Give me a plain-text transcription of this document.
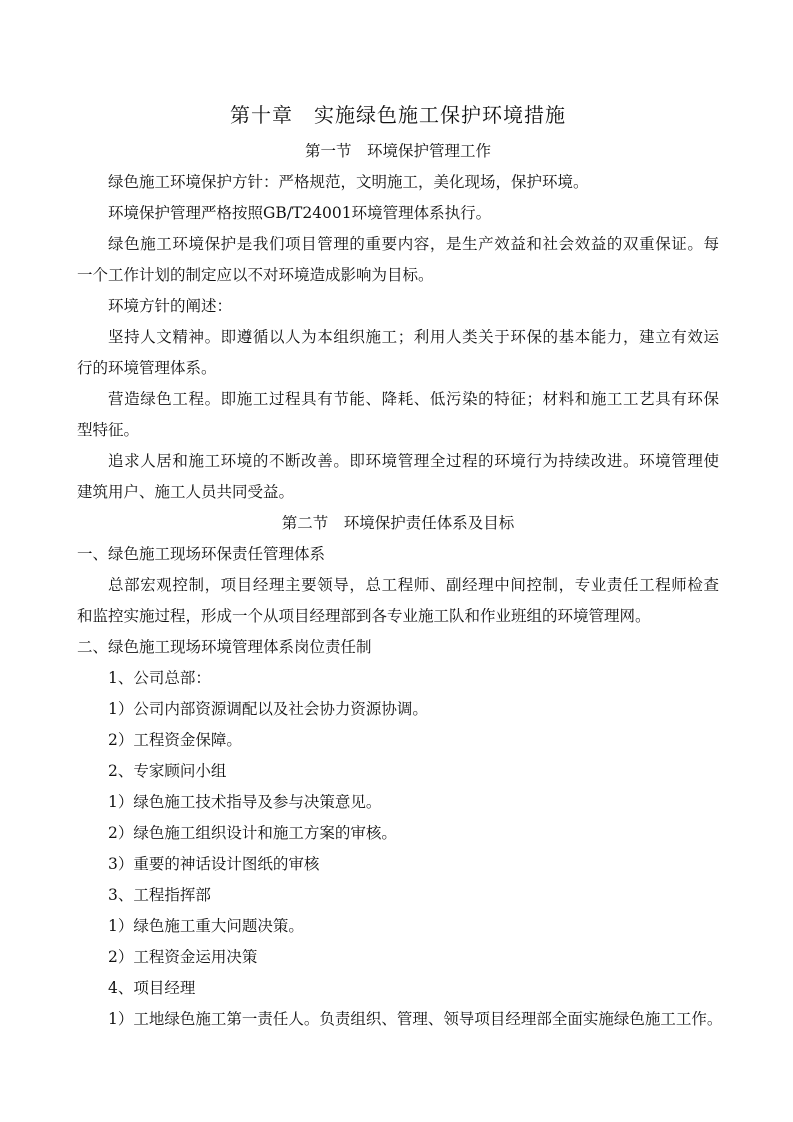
第十章　实施绿色施工保护环境措施
第一节　环境保护管理工作
绿色施工环境保护方针：严格规范，文明施工，美化现场，保护环境。
环境保护管理严格按照GB/T24001环境管理体系执行。
绿色施工环境保护是我们项目管理的重要内容，是生产效益和社会效益的双重保证。每
一个工作计划的制定应以不对环境造成影响为目标。
环境方针的阐述：
坚持人文精神。即遵循以人为本组织施工；利用人类关于环保的基本能力，建立有效运
行的环境管理体系。
营造绿色工程。即施工过程具有节能、降耗、低污染的特征；材料和施工工艺具有环保
型特征。
追求人居和施工环境的不断改善。即环境管理全过程的环境行为持续改进。环境管理使
建筑用户、施工人员共同受益。
第二节　环境保护责任体系及目标
一、绿色施工现场环保责任管理体系
总部宏观控制，项目经理主要领导，总工程师、副经理中间控制，专业责任工程师检查
和监控实施过程，形成一个从项目经理部到各专业施工队和作业班组的环境管理网。
二、绿色施工现场环境管理体系岗位责任制
1、公司总部：
1）公司内部资源调配以及社会协力资源协调。
2）工程资金保障。
2、专家顾问小组
1）绿色施工技术指导及参与决策意见。
2）绿色施工组织设计和施工方案的审核。
3）重要的神话设计图纸的审核
3、工程指挥部
1）绿色施工重大问题决策。
2）工程资金运用决策
4、项目经理
1）工地绿色施工第一责任人。负责组织、管理、领导项目经理部全面实施绿色施工工作。
